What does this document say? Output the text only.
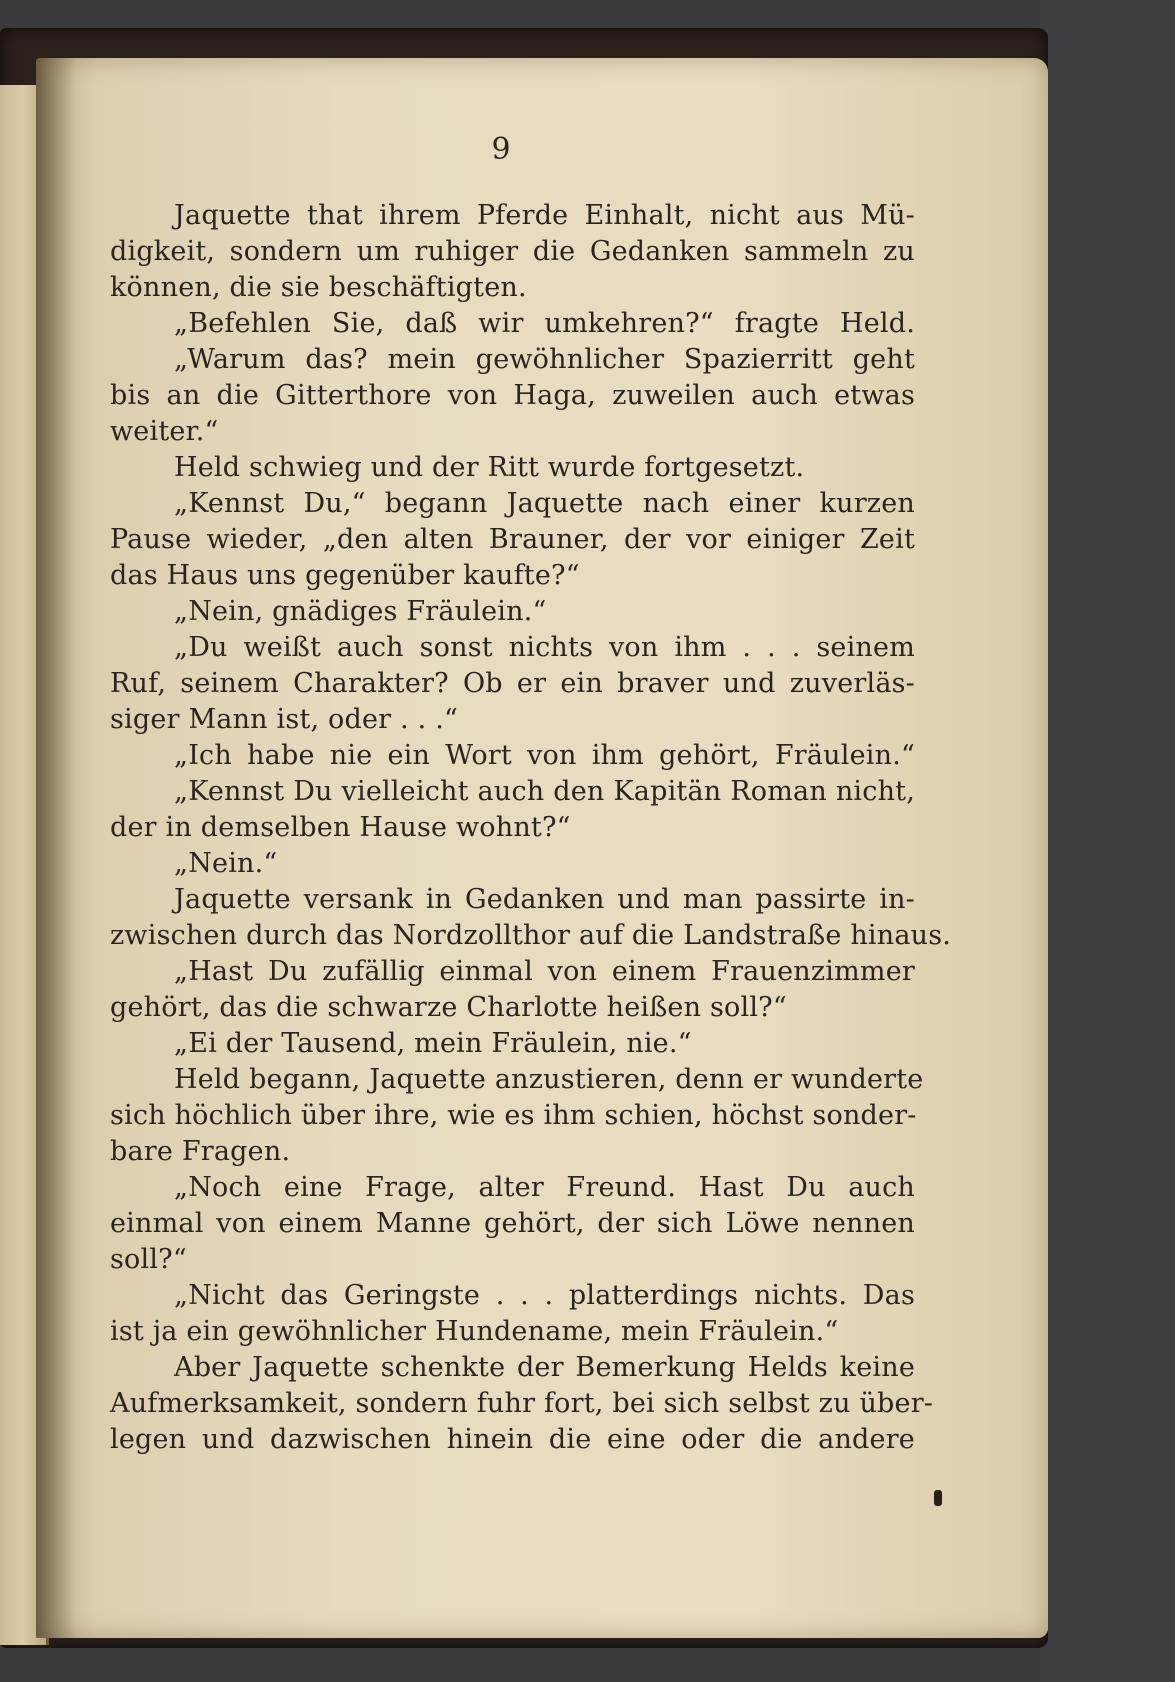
9
Jaquette that ihrem Pferde Einhalt, nicht aus Mü-
digkeit, sondern um ruhiger die Gedanken sammeln zu
können, die sie beschäftigten.
„Befehlen Sie, daß wir umkehren?“ fragte Held.
„Warum das? mein gewöhnlicher Spazierritt geht
bis an die Gitterthore von Haga, zuweilen auch etwas
weiter.“
Held schwieg und der Ritt wurde fortgesetzt.
„Kennst Du,“ begann Jaquette nach einer kurzen
Pause wieder, „den alten Brauner, der vor einiger Zeit
das Haus uns gegenüber kaufte?“
„Nein, gnädiges Fräulein.“
„Du weißt auch sonst nichts von ihm . . . seinem
Ruf, seinem Charakter? Ob er ein braver und zuverläs-
siger Mann ist, oder . . .“
„Ich habe nie ein Wort von ihm gehört, Fräulein.“
„Kennst Du vielleicht auch den Kapitän Roman nicht,
der in demselben Hause wohnt?“
„Nein.“
Jaquette versank in Gedanken und man passirte in-
zwischen durch das Nordzollthor auf die Landstraße hinaus.
„Hast Du zufällig einmal von einem Frauenzimmer
gehört, das die schwarze Charlotte heißen soll?“
„Ei der Tausend, mein Fräulein, nie.“
Held begann, Jaquette anzustieren, denn er wunderte
sich höchlich über ihre, wie es ihm schien, höchst sonder-
bare Fragen.
„Noch eine Frage, alter Freund. Hast Du auch
einmal von einem Manne gehört, der sich Löwe nennen
soll?“
„Nicht das Geringste . . . platterdings nichts. Das
ist ja ein gewöhnlicher Hundename, mein Fräulein.“
Aber Jaquette schenkte der Bemerkung Helds keine
Aufmerksamkeit, sondern fuhr fort, bei sich selbst zu über-
legen und dazwischen hinein die eine oder die andere
